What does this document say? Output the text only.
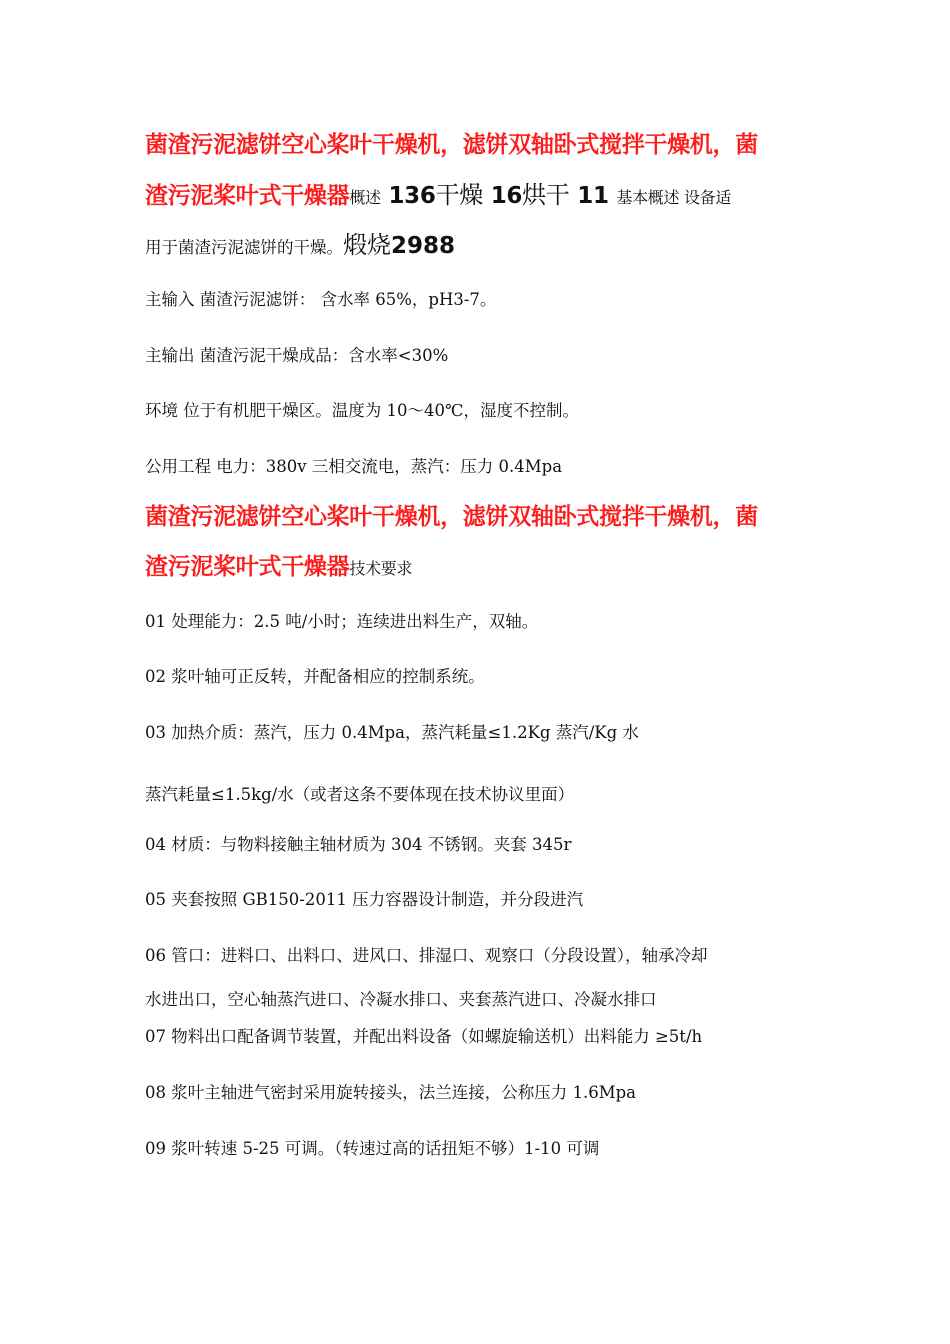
菌渣污泥滤饼空心桨叶干燥机，滤饼双轴卧式搅拌干燥机，菌
渣污泥桨叶式干燥器概述 136干燥 16烘干 11 基本概述 设备适
用于菌渣污泥滤饼的干燥。煅烧2988

主输入 菌渣污泥滤饼： 含水率 65%，pH3-7。

主输出 菌渣污泥干燥成品：含水率<30%

环境 位于有机肥干燥区。温度为 10～40℃，湿度不控制。

公用工程 电力：380v 三相交流电，蒸汽：压力 0.4Mpa

菌渣污泥滤饼空心桨叶干燥机，滤饼双轴卧式搅拌干燥机，菌
渣污泥桨叶式干燥器技术要求

01 处理能力：2.5 吨/小时；连续进出料生产，双轴。

02 浆叶轴可正反转，并配备相应的控制系统。

03 加热介质：蒸汽，压力 0.4Mpa，蒸汽耗量≤1.2Kg 蒸汽/Kg 水

蒸汽耗量≤1.5kg/水（或者这条不要体现在技术协议里面）

04 材质：与物料接触主轴材质为 304 不锈钢。夹套 345r

05 夹套按照 GB150-2011 压力容器设计制造，并分段进汽

06 管口：进料口、出料口、进风口、排湿口、观察口（分段设置），轴承冷却

水进出口，空心轴蒸汽进口、冷凝水排口、夹套蒸汽进口、冷凝水排口

07 物料出口配备调节装置，并配出料设备（如螺旋输送机）出料能力 ≥5t/h

08 浆叶主轴进气密封采用旋转接头，法兰连接，公称压力 1.6Mpa

09 浆叶转速 5-25 可调。（转速过高的话扭矩不够）1-10 可调
